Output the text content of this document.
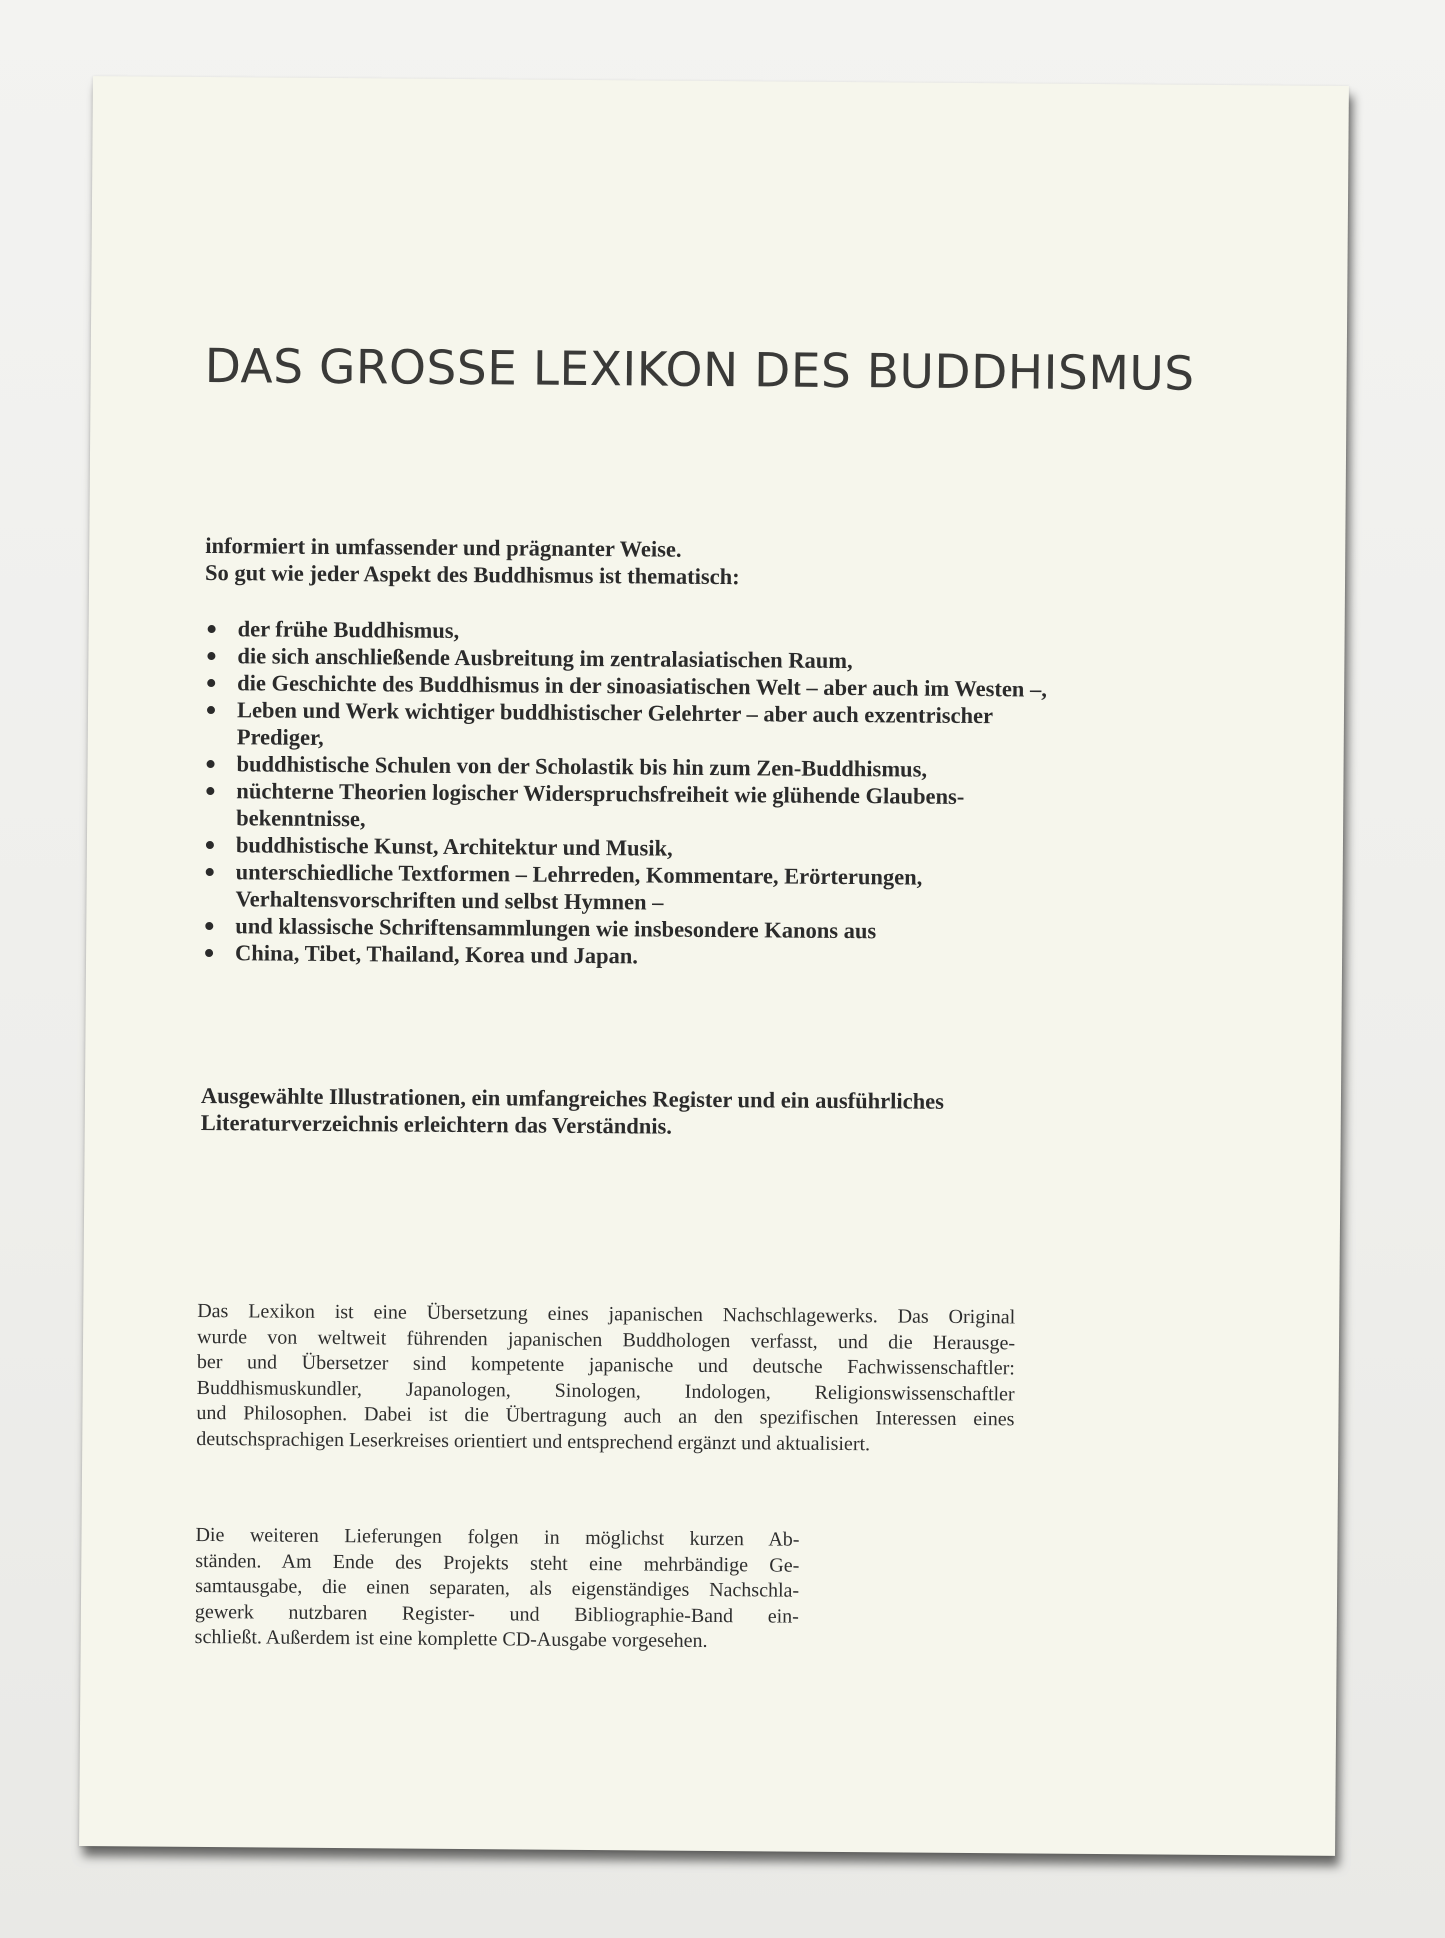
DAS GROSSE LEXIKON DES BUDDHISMUS

informiert in umfassender und prägnanter Weise.
So gut wie jeder Aspekt des Buddhismus ist thematisch:

der frühe Buddhismus,
die sich anschließende Ausbreitung im zentralasiatischen Raum,
die Geschichte des Buddhismus in der sinoasiatischen Welt – aber auch im Westen –,
Leben und Werk wichtiger buddhistischer Gelehrter – aber auch exzentrischer
Prediger,
buddhistische Schulen von der Scholastik bis hin zum Zen-Buddhismus,
nüchterne Theorien logischer Widerspruchsfreiheit wie glühende Glaubens-
bekenntnisse,
buddhistische Kunst, Architektur und Musik,
unterschiedliche Textformen – Lehrreden, Kommentare, Erörterungen,
Verhaltensvorschriften und selbst Hymnen –
und klassische Schriftensammlungen wie insbesondere Kanons aus
China, Tibet, Thailand, Korea und Japan.

Ausgewählte Illustrationen, ein umfangreiches Register und ein ausführliches
Literaturverzeichnis erleichtern das Verständnis.

Das Lexikon ist eine Übersetzung eines japanischen Nachschlagewerks. Das Original
wurde von weltweit führenden japanischen Buddhologen verfasst, und die Herausge-
ber und Übersetzer sind kompetente japanische und deutsche Fachwissenschaftler:
Buddhismuskundler, Japanologen, Sinologen, Indologen, Religionswissenschaftler
und Philosophen. Dabei ist die Übertragung auch an den spezifischen Interessen eines
deutschsprachigen Leserkreises orientiert und entsprechend ergänzt und aktualisiert.

Die weiteren Lieferungen folgen in möglichst kurzen Ab-
ständen. Am Ende des Projekts steht eine mehrbändige Ge-
samtausgabe, die einen separaten, als eigenständiges Nachschla-
gewerk nutzbaren Register- und Bibliographie-Band ein-
schließt. Außerdem ist eine komplette CD-Ausgabe vorgesehen.
